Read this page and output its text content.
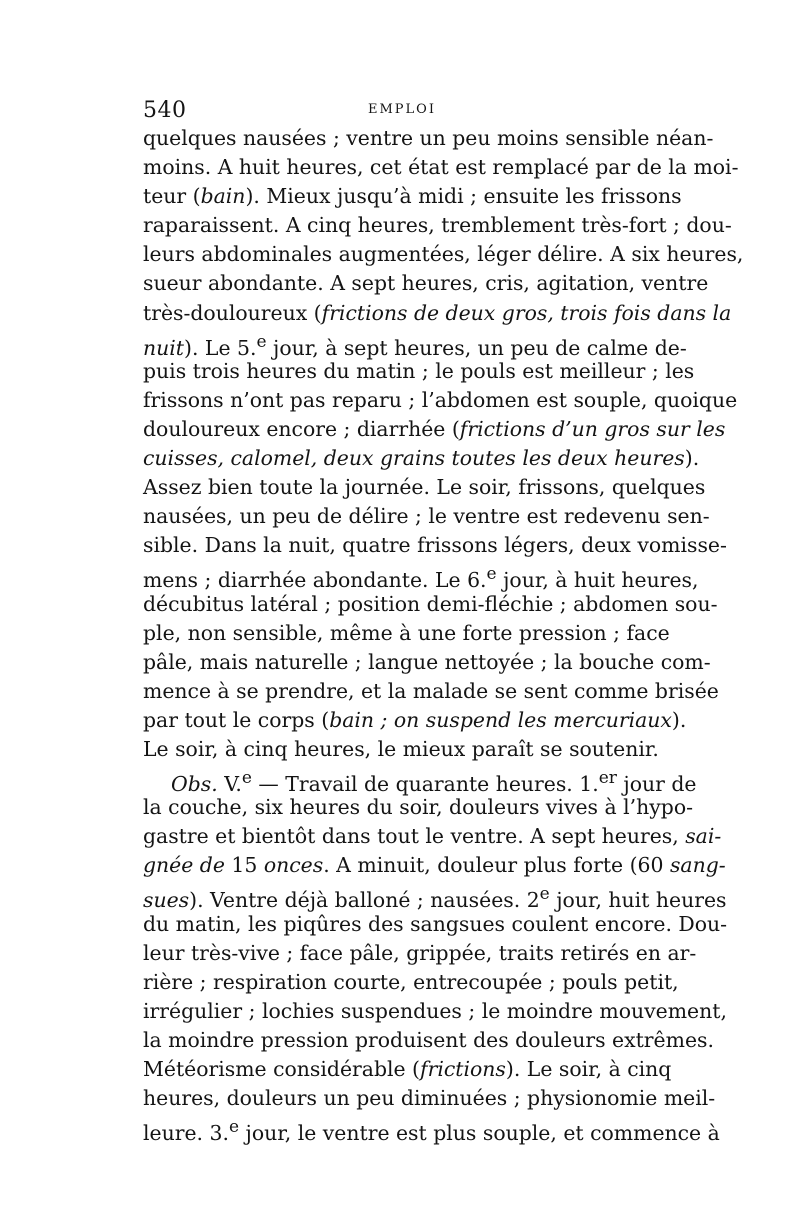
540	EMPLOI
quelques nausées ; ventre un peu moins sensible néan-
moins. A huit heures, cet état est remplacé par de la moi-
teur (bain). Mieux jusqu’à midi ; ensuite les frissons
raparaissent. A cinq heures, tremblement très-fort ; dou-
leurs abdominales augmentées, léger délire. A six heures,
sueur abondante. A sept heures, cris, agitation, ventre
très-douloureux (frictions de deux gros, trois fois dans la
nuit). Le 5.$^e$ jour, à sept heures, un peu de calme de-
puis trois heures du matin ; le pouls est meilleur ; les
frissons n’ont pas reparu ; l’abdomen est souple, quoique
douloureux encore ; diarrhée (frictions d’un gros sur les
cuisses, calomel, deux grains toutes les deux heures).
Assez bien toute la journée. Le soir, frissons, quelques
nausées, un peu de délire ; le ventre est redevenu sen-
sible. Dans la nuit, quatre frissons légers, deux vomisse-
mens ; diarrhée abondante. Le 6.$^e$ jour, à huit heures,
décubitus latéral ; position demi-fléchie ; abdomen sou-
ple, non sensible, même à une forte pression ; face
pâle, mais naturelle ; langue nettoyée ; la bouche com-
mence à se prendre, et la malade se sent comme brisée
par tout le corps (bain ; on suspend les mercuriaux).
Le soir, à cinq heures, le mieux paraît se soutenir.
Obs. V.$^e$ — Travail de quarante heures. 1.$^{er}$ jour de
la couche, six heures du soir, douleurs vives à l’hypo-
gastre et bientôt dans tout le ventre. A sept heures, sai-
gnée de 15 onces. A minuit, douleur plus forte (60 sang-
sues). Ventre déjà balloné ; nausées. 2e jour, huit heures
du matin, les piqûres des sangsues coulent encore. Dou-
leur très-vive ; face pâle, grippée, traits retirés en ar-
rière ; respiration courte, entrecoupée ; pouls petit,
irrégulier ; lochies suspendues ; le moindre mouvement,
la moindre pression produisent des douleurs extrêmes.
Météorisme considérable (frictions). Le soir, à cinq
heures, douleurs un peu diminuées ; physionomie meil-
leure. 3.$^e$ jour, le ventre est plus souple, et commence à
